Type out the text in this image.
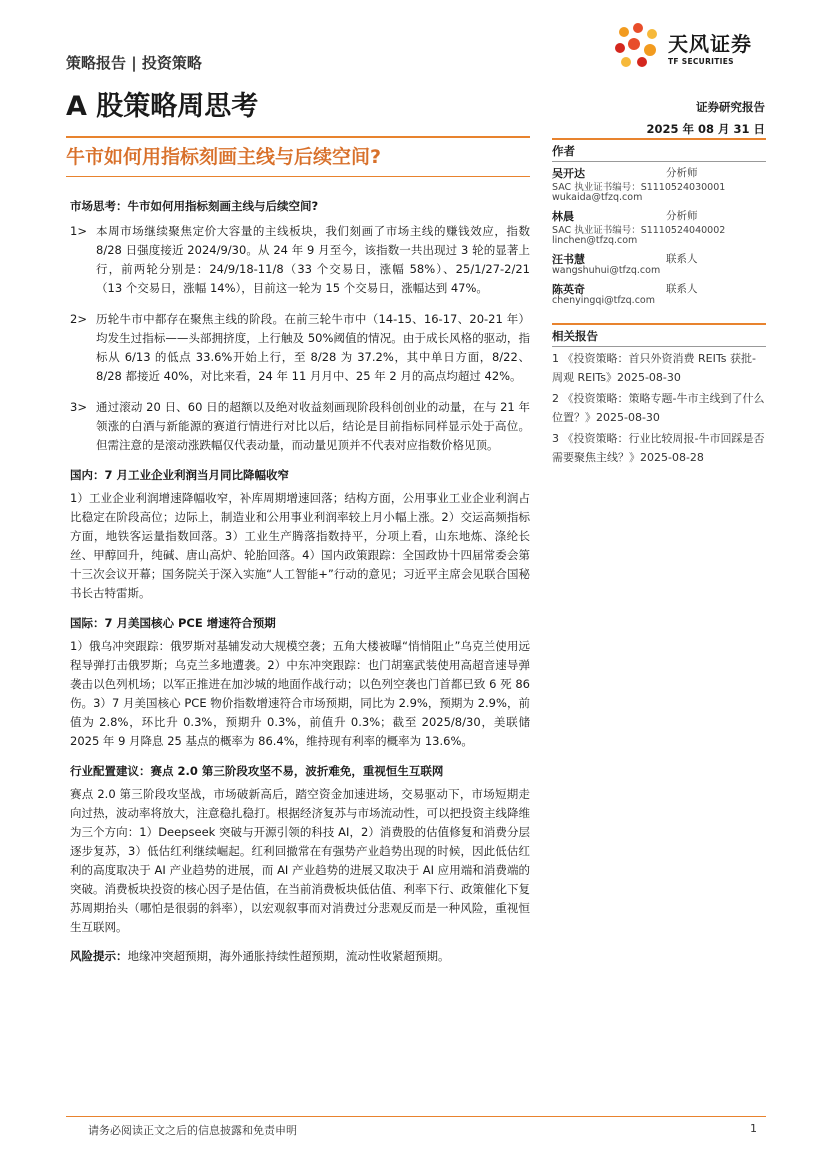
策略报告 | 投资策略
天风证券
TF SECURITIES
A 股策略周思考	证券研究报告
2025 年 08 月 31 日
牛市如何用指标刻画主线与后续空间?	作者
吴开达	分析师
SAC 执业证书编号：S1110524030001
wukaida@tfzq.com
林晨	分析师
SAC 执业证书编号：S1110524040002
linchen@tfzq.com
汪书慧	联系人
wangshuhui@tfzq.com
陈英奇	联系人
chenyingqi@tfzq.com
相关报告
1 《投资策略：首只外资消费 REITs 获批-周观 REITs》2025-08-30
2 《投资策略：策略专题-牛市主线到了什么位置？》2025-08-30
3 《投资策略：行业比较周报-牛市回踩是否需要聚焦主线？》2025-08-28
市场思考：牛市如何用指标刻画主线与后续空间?
1> 本周市场继续聚焦定价大容量的主线板块，我们刻画了市场主线的赚钱效应，指数 8/28 日强度接近 2024/9/30。从 24 年 9 月至今，该指数一共出现过 3 轮的显著上行，前两轮分别是：24/9/18-11/8（33 个交易日，涨幅 58%）、25/1/27-2/21（13 个交易日，涨幅 14%），目前这一轮为 15 个交易日，涨幅达到 47%。
2> 历轮牛市中都存在聚焦主线的阶段。在前三轮牛市中（14-15、16-17、20-21 年）均发生过指标——头部拥挤度，上行触及 50%阈值的情况。由于成长风格的驱动，指标从 6/13 的低点 33.6%开始上行，至 8/28 为 37.2%，其中单日方面，8/22、8/28 都接近 40%，对比来看，24 年 11 月月中、25 年 2 月的高点均超过 42%。
3> 通过滚动 20 日、60 日的超额以及绝对收益刻画现阶段科创创业的动量，在与 21 年领涨的白酒与新能源的赛道行情进行对比以后，结论是目前指标同样显示处于高位。但需注意的是滚动涨跌幅仅代表动量，而动量见顶并不代表对应指数价格见顶。
国内：7 月工业企业利润当月同比降幅收窄
1）工业企业利润增速降幅收窄，补库周期增速回落；结构方面，公用事业工业企业利润占比稳定在阶段高位；边际上，制造业和公用事业利润率较上月小幅上涨。2）交运高频指标方面，地铁客运量指数回落。3）工业生产腾落指数持平，分项上看，山东地炼、涤纶长丝、甲醇回升，纯碱、唐山高炉、轮胎回落。4）国内政策跟踪：全国政协十四届常委会第十三次会议开幕；国务院关于深入实施“人工智能+”行动的意见；习近平主席会见联合国秘书长古特雷斯。
国际：7 月美国核心 PCE 增速符合预期
1）俄乌冲突跟踪：俄罗斯对基辅发动大规模空袭；五角大楼被曝“悄悄阻止”乌克兰使用远程导弹打击俄罗斯；乌克兰多地遭袭。2）中东冲突跟踪：也门胡塞武装使用高超音速导弹袭击以色列机场；以军正推进在加沙城的地面作战行动；以色列空袭也门首都已致 6 死 86 伤。3）7 月美国核心 PCE 物价指数增速符合市场预期，同比为 2.9%，预期为 2.9%，前值为 2.8%，环比升 0.3%，预期升 0.3%，前值升 0.3%；截至 2025/8/30，美联储 2025 年 9 月降息 25 基点的概率为 86.4%，维持现有利率的概率为 13.6%。
行业配置建议：赛点 2.0 第三阶段攻坚不易，波折难免，重视恒生互联网
赛点 2.0 第三阶段攻坚战，市场破新高后，踏空资金加速进场，交易驱动下，市场短期走向过热，波动率将放大，注意稳扎稳打。根据经济复苏与市场流动性，可以把投资主线降维为三个方向：1）Deepseek 突破与开源引领的科技 AI，2）消费股的估值修复和消费分层逐步复苏，3）低估红利继续崛起。红利回撤常在有强势产业趋势出现的时候，因此低估红利的高度取决于 AI 产业趋势的进展，而 AI 产业趋势的进展又取决于 AI 应用端和消费端的突破。消费板块投资的核心因子是估值，在当前消费板块低估值、利率下行、政策催化下复苏周期抬头（哪怕是很弱的斜率），以宏观叙事而对消费过分悲观反而是一种风险，重视恒生互联网。
风险提示：地缘冲突超预期，海外通胀持续性超预期，流动性收紧超预期。
请务必阅读正文之后的信息披露和免责申明	1
